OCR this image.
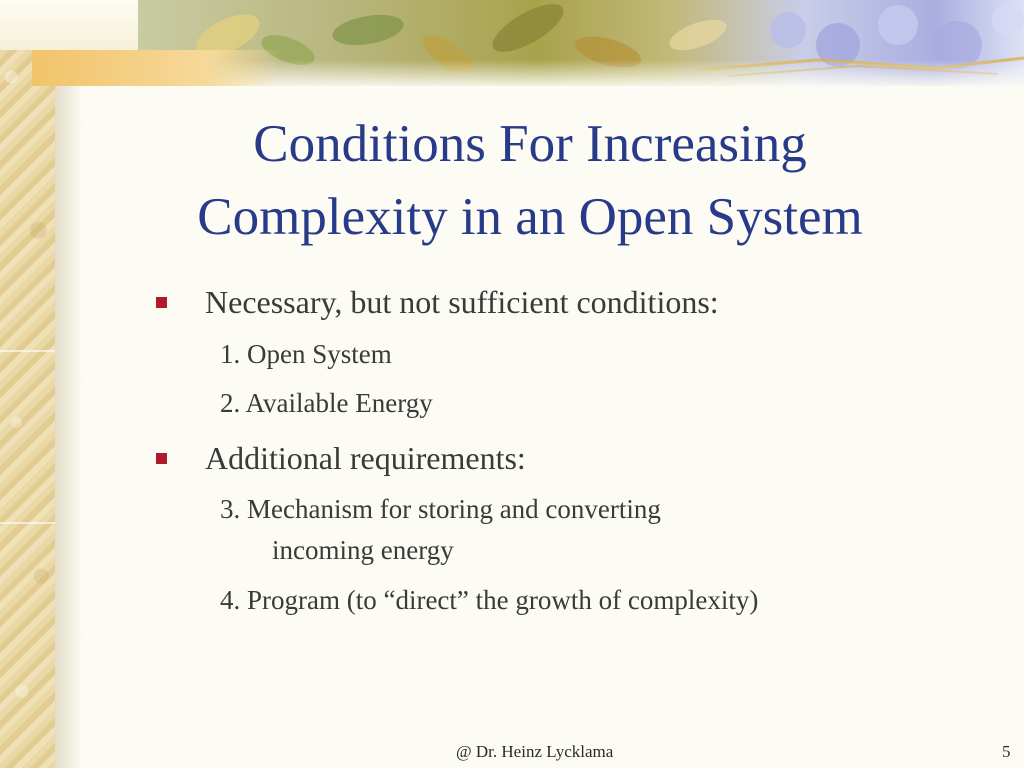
Conditions For Increasing
Complexity in an Open System
Necessary, but not sufficient conditions:
1. Open System
2. Available Energy
Additional requirements:
3. Mechanism for storing and converting
incoming energy
4. Program (to “direct” the growth of complexity)
@ Dr. Heinz Lycklama	5
